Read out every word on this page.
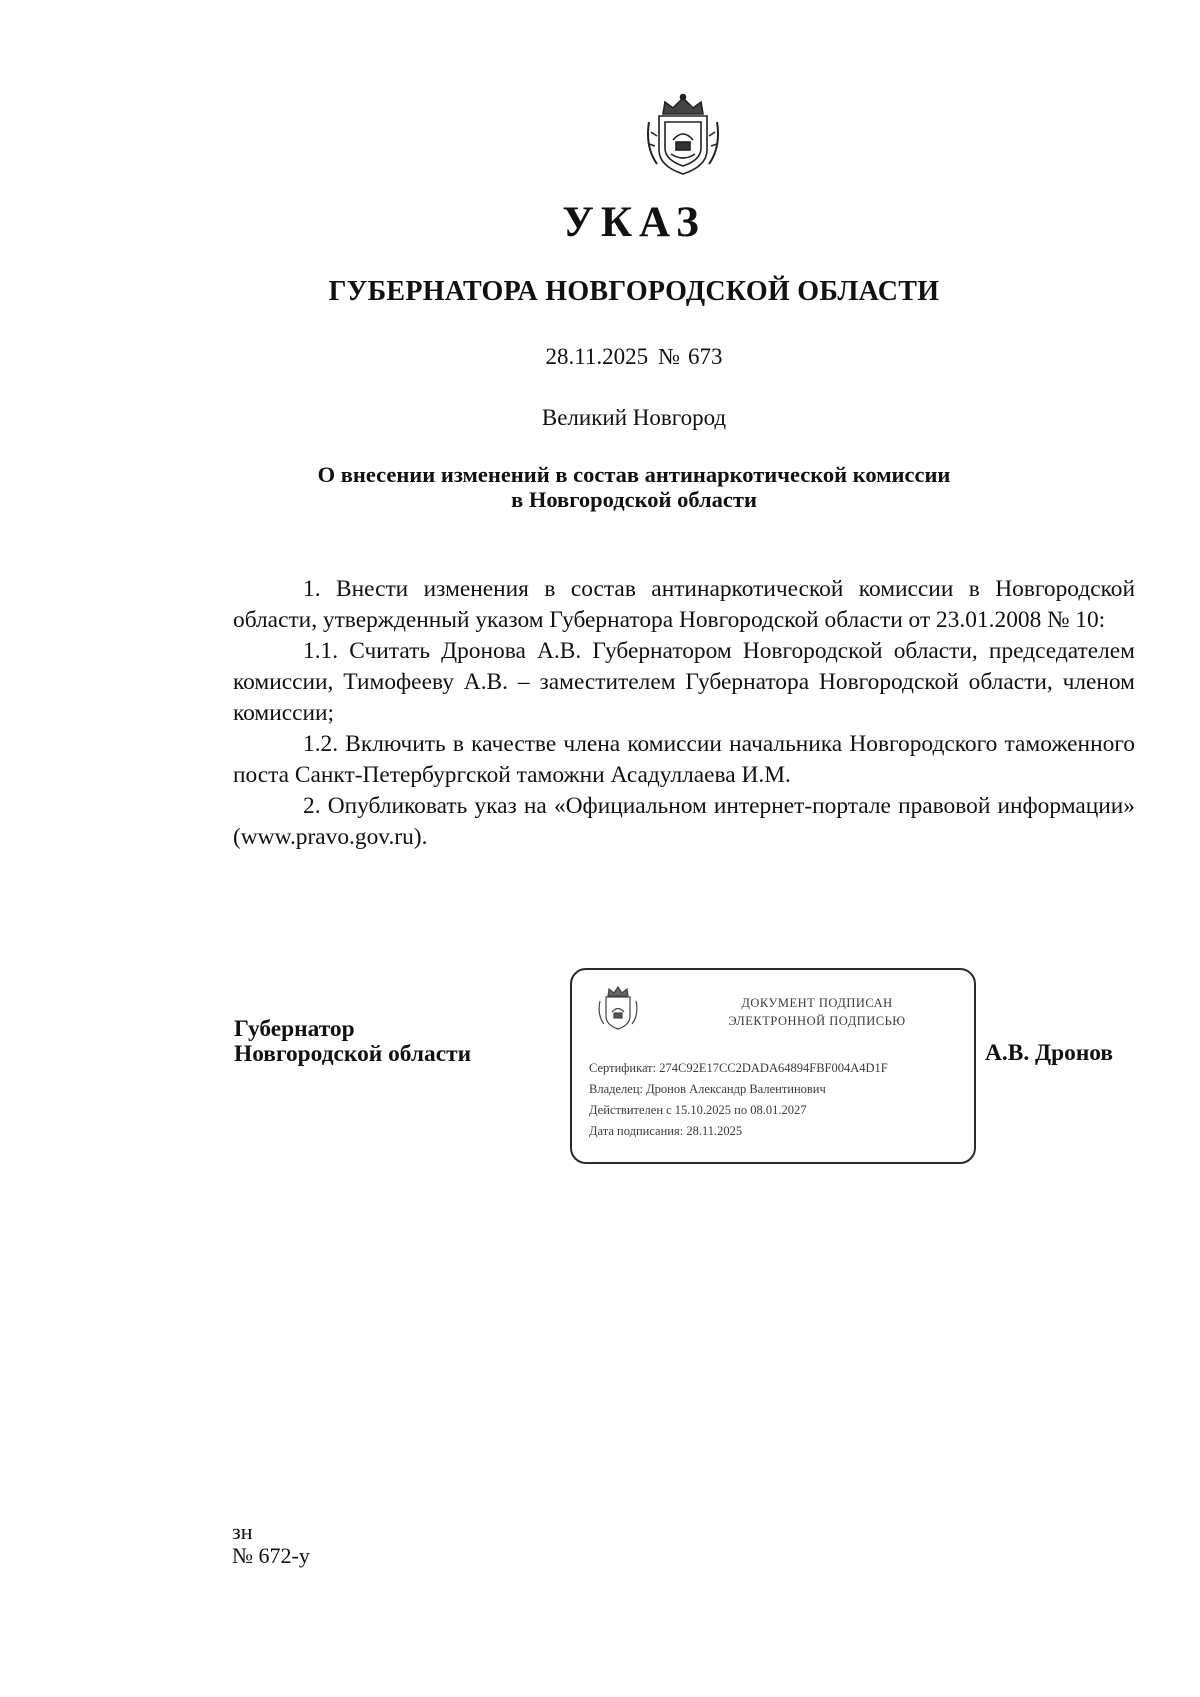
УКАЗ
ГУБЕРНАТОРА НОВГОРОДСКОЙ ОБЛАСТИ
28.11.2025 № 673
Великий Новгород
О внесении изменений в состав антинаркотической комиссии
в Новгородской области

1. Внести изменения в состав антинаркотической комиссии в Новгородской области, утвержденный указом Губернатора Новгородской области от 23.01.2008 № 10:

1.1. Считать Дронова А.В. Губернатором Новгородской области, председателем комиссии, Тимофееву А.В. – заместителем Губернатора Новгородской области, членом комиссии;

1.2. Включить в качестве члена комиссии начальника Новгородского таможенного поста Санкт-Петербургской таможни Асадуллаева И.М.

2. Опубликовать указ на «Официальном интернет-портале правовой информации» (www.pravo.gov.ru).

Губернатор
Новгородской области
ДОКУМЕНТ ПОДПИСАН
ЭЛЕКТРОННОЙ ПОДПИСЬЮ
Сертификат: 274C92E17CC2DADA64894FBF004A4D1F
Владелец: Дронов Александр Валентинович
Действителен с 15.10.2025 по 08.01.2027
Дата подписания: 28.11.2025
А.В. Дронов
зн
№ 672-у
